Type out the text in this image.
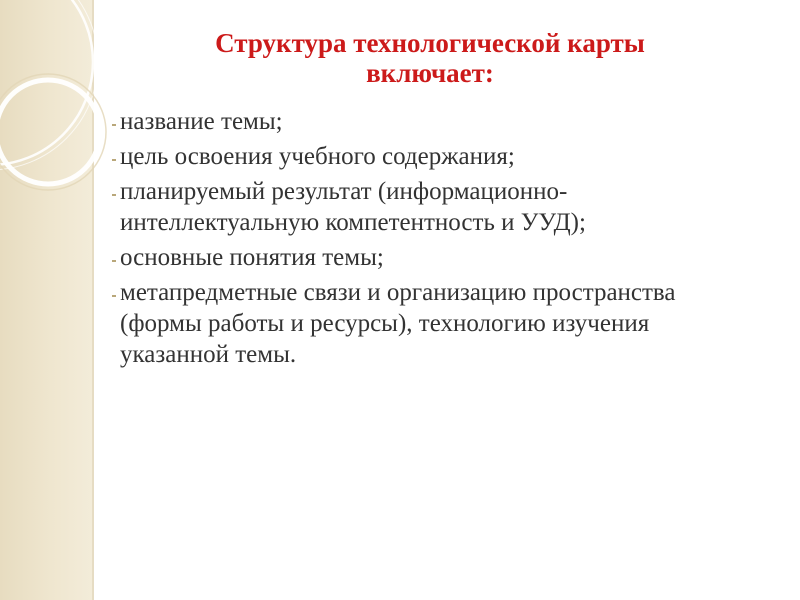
Структура технологической карты
включает:
название темы;
цель освоения учебного содержания;
планируемый результат (информационно-интеллектуальную компетентность и УУД);
основные понятия темы;
метапредметные связи и организацию пространства (формы работы и ресурсы), технологию изучения указанной темы.
